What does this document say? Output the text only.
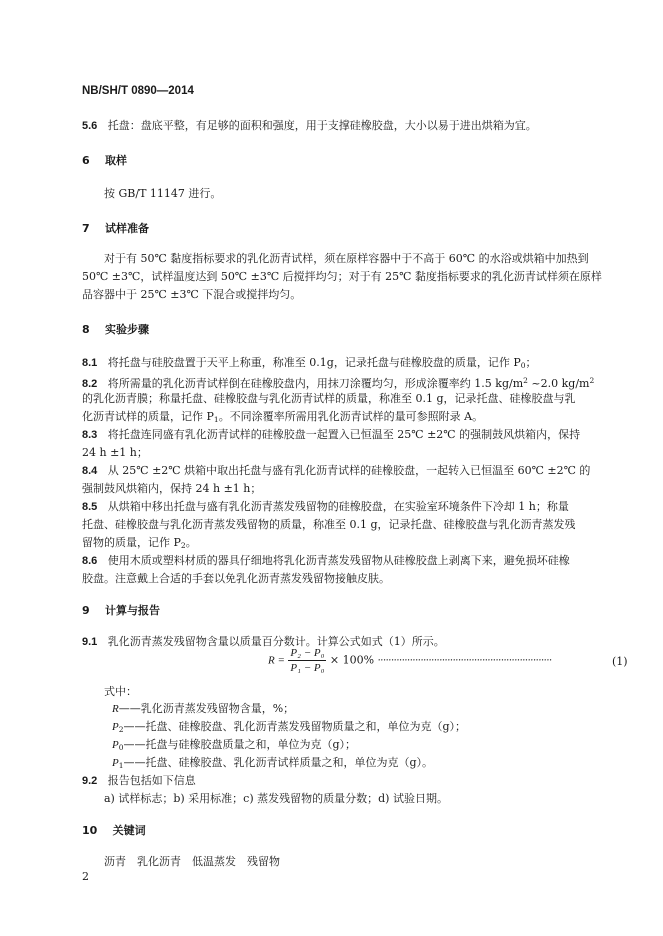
NB/SH/T 0890—2014
5.6 托盘：盘底平整，有足够的面积和强度，用于支撑硅橡胶盘，大小以易于进出烘箱为宜。
6 取样
按 GB/T 11147 进行。
7 试样准备
对于有 50℃ 黏度指标要求的乳化沥青试样，须在原样容器中于不高于 60℃ 的水浴或烘箱中加热到
50℃ ±3℃，试样温度达到 50℃ ±3℃ 后搅拌均匀；对于有 25℃ 黏度指标要求的乳化沥青试样须在原样
品容器中于 25℃ ±3℃ 下混合或搅拌均匀。
8 实验步骤
8.1 将托盘与硅胶盘置于天平上称重，称准至 0.1g，记录托盘与硅橡胶盘的质量，记作 $P_0$；
8.2 将所需量的乳化沥青试样倒在硅橡胶盘内，用抹刀涂覆均匀，形成涂覆率约 1.5 $kg/m^2$ ~2.0 $kg/m^2$
的乳化沥青膜；称量托盘、硅橡胶盘与乳化沥青试样的质量，称准至 0.1 g，记录托盘、硅橡胶盘与乳
化沥青试样的质量，记作 $P_1$。不同涂覆率所需用乳化沥青试样的量可参照附录 A。
8.3 将托盘连同盛有乳化沥青试样的硅橡胶盘一起置入已恒温至 25℃ ±2℃ 的强制鼓风烘箱内，保持
24 h ±1 h；
8.4 从 25℃ ±2℃ 烘箱中取出托盘与盛有乳化沥青试样的硅橡胶盘，一起转入已恒温至 60℃ ±2℃ 的
强制鼓风烘箱内，保持 24 h ±1 h；
8.5 从烘箱中移出托盘与盛有乳化沥青蒸发残留物的硅橡胶盘，在实验室环境条件下冷却 1 h；称量
托盘、硅橡胶盘与乳化沥青蒸发残留物的质量，称准至 0.1 g，记录托盘、硅橡胶盘与乳化沥青蒸发残
留物的质量，记作 $P_2$。
8.6 使用木质或塑料材质的器具仔细地将乳化沥青蒸发残留物从硅橡胶盘上剥离下来，避免损坏硅橡
胶盘。注意戴上合适的手套以免乳化沥青蒸发残留物接触皮肤。
9 计算与报告
9.1 乳化沥青蒸发残留物含量以质量百分数计。计算公式如式（1）所示。
$R = \frac{\text{P₂ − P₀}}{\text{P₁ − P₀}} \times 100\%$ ·································································	(1)
式中：
R——乳化沥青蒸发残留物含量，%；
$P_2——$托盘、硅橡胶盘、乳化沥青蒸发残留物质量之和，单位为克（g）；
$P_0——$托盘与硅橡胶盘质量之和，单位为克（g）；
$P_1——$托盘、硅橡胶盘、乳化沥青试样质量之和，单位为克（g）。
9.2 报告包括如下信息
a) 试样标志；b) 采用标准；c) 蒸发残留物的质量分数；d) 试验日期。
10 关键词
沥青　乳化沥青　低温蒸发　残留物
2
